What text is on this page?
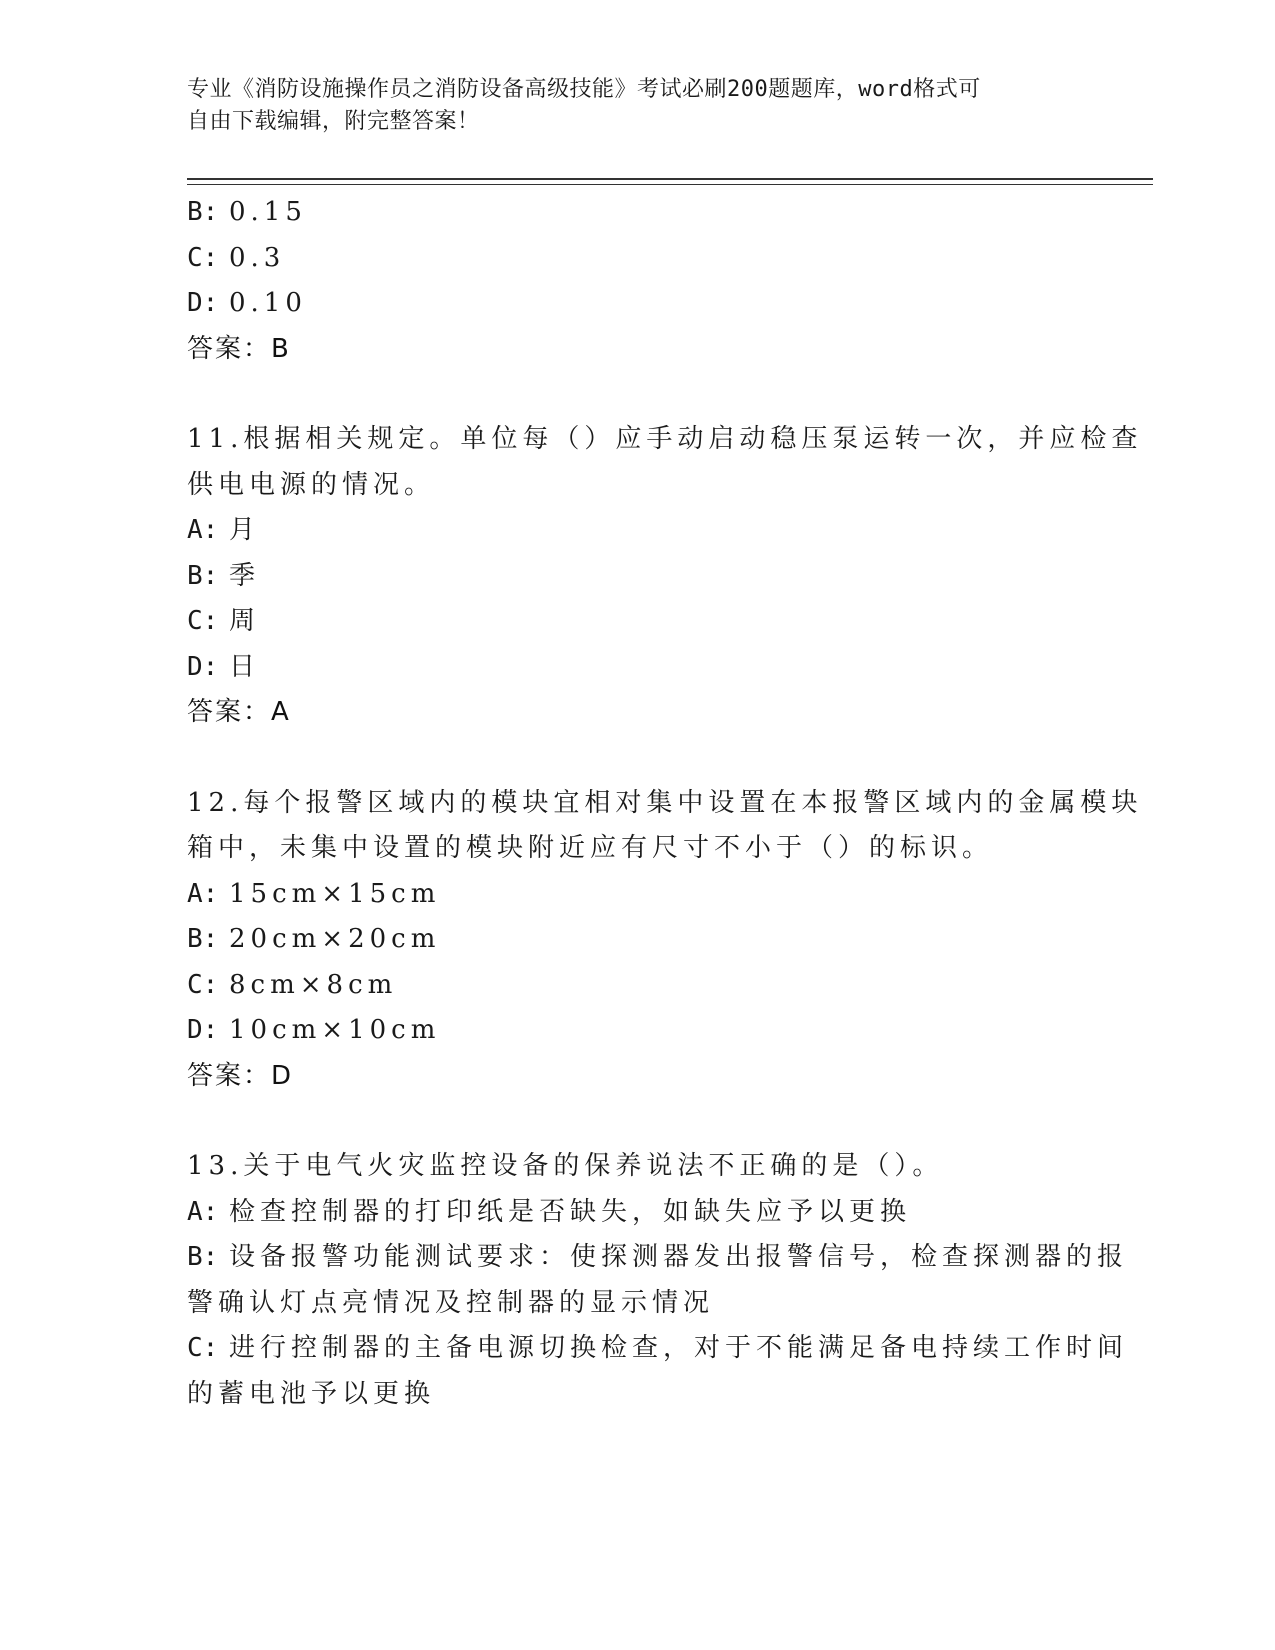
专业《消防设施操作员之消防设备高级技能》考试必刷200题题库，word格式可
自由下载编辑，附完整答案！
B: 0.15
C: 0.3
D: 0.10
答案：B
11.根据相关规定。单位每（）应手动启动稳压泵运转一次，并应检查
供电电源的情况。
A: 月
B: 季
C: 周
D: 日
答案：A
12.每个报警区域内的模块宜相对集中设置在本报警区域内的金属模块
箱中，未集中设置的模块附近应有尺寸不小于（）的标识。
A: 15cm×15cm
B: 20cm×20cm
C: 8cm×8cm
D: 10cm×10cm
答案：D
13.关于电气火灾监控设备的保养说法不正确的是（）。
A: 检查控制器的打印纸是否缺失，如缺失应予以更换
B: 设备报警功能测试要求：使探测器发出报警信号，检查探测器的报
警确认灯点亮情况及控制器的显示情况
C: 进行控制器的主备电源切换检查，对于不能满足备电持续工作时间
的蓄电池予以更换
